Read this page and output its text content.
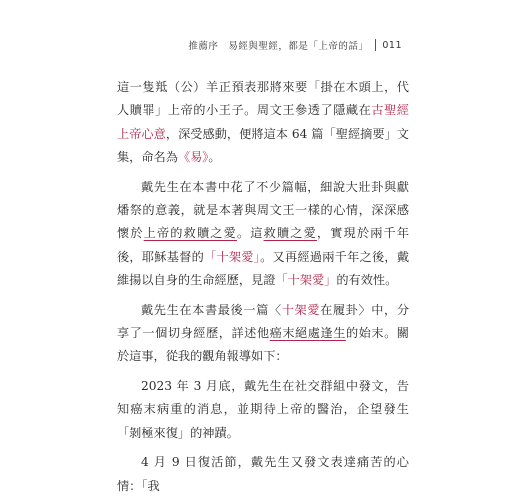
推薦序 易經與聖經，都是「上帝的話」 011

這一隻羝（公）羊正預表那將來要「掛在木頭上，代人贖罪」上帝的小王子。周文王參透了隱藏在古聖經上帝心意，深受感動，便將這本 64 篇「聖經摘要」文集，命名為《易》。

戴先生在本書中花了不少篇幅，細說大壯卦與獻燔祭的意義，就是本著與周文王一樣的心情，深深感懷於上帝的救贖之愛。這救贖之愛，實現於兩千年後，耶穌基督的「十架愛」。又再經過兩千年之後，戴維揚以自身的生命經歷，見證「十架愛」的有效性。

戴先生在本書最後一篇〈十架愛在履卦〉中，分享了一個切身經歷，詳述他癌末絕處逢生的始末。關於這事，從我的觀角報導如下：

2023 年 3 月底，戴先生在社交群組中發文，告知癌末病重的消息，並期待上帝的醫治，企望發生「剝極來復」的神蹟。

4 月 9 日復活節，戴先生又發文表達痛苦的心情：「我
